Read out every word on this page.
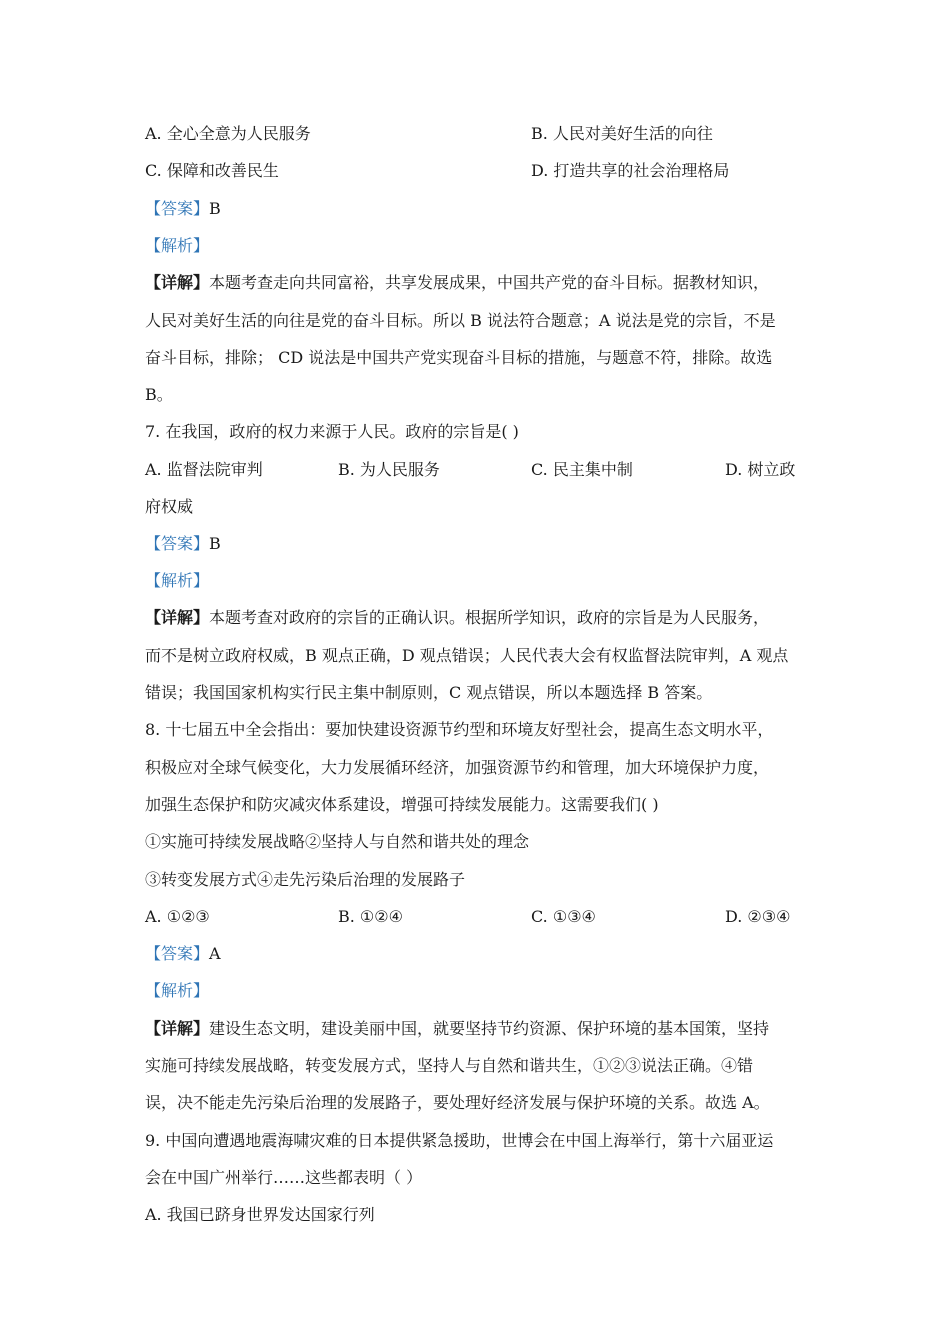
A. 全心全意为人民服务	B. 人民对美好生活的向往
C. 保障和改善民生	D. 打造共享的社会治理格局
【答案】B
【解析】
【详解】本题考查走向共同富裕，共享发展成果，中国共产党的奋斗目标。据教材知识，
人民对美好生活的向往是党的奋斗目标。所以 B 说法符合题意；A 说法是党的宗旨，不是
奋斗目标，排除； CD 说法是中国共产党实现奋斗目标的措施，与题意不符，排除。故选
B。
7. 在我国，政府的权力来源于人民。政府的宗旨是( )
A. 监督法院审判	B. 为人民服务	C. 民主集中制	D. 树立政
府权威
【答案】B
【解析】
【详解】本题考查对政府的宗旨的正确认识。根据所学知识，政府的宗旨是为人民服务，
而不是树立政府权威，B 观点正确，D 观点错误；人民代表大会有权监督法院审判，A 观点
错误；我国国家机构实行民主集中制原则，C 观点错误，所以本题选择 B 答案。
8. 十七届五中全会指出：要加快建设资源节约型和环境友好型社会，提高生态文明水平，
积极应对全球气候变化，大力发展循环经济，加强资源节约和管理，加大环境保护力度，
加强生态保护和防灾减灾体系建设，增强可持续发展能力。这需要我们( )
①实施可持续发展战略②坚持人与自然和谐共处的理念
③转变发展方式④走先污染后治理的发展路子
A. ①②③	B. ①②④	C. ①③④	D. ②③④
【答案】A
【解析】
【详解】建设生态文明，建设美丽中国，就要坚持节约资源、保护环境的基本国策，坚持
实施可持续发展战略，转变发展方式，坚持人与自然和谐共生，①②③说法正确。④错
误，决不能走先污染后治理的发展路子，要处理好经济发展与保护环境的关系。故选 A。
9. 中国向遭遇地震海啸灾难的日本提供紧急援助，世博会在中国上海举行，第十六届亚运
会在中国广州举行……这些都表明（ ）
A. 我国已跻身世界发达国家行列
